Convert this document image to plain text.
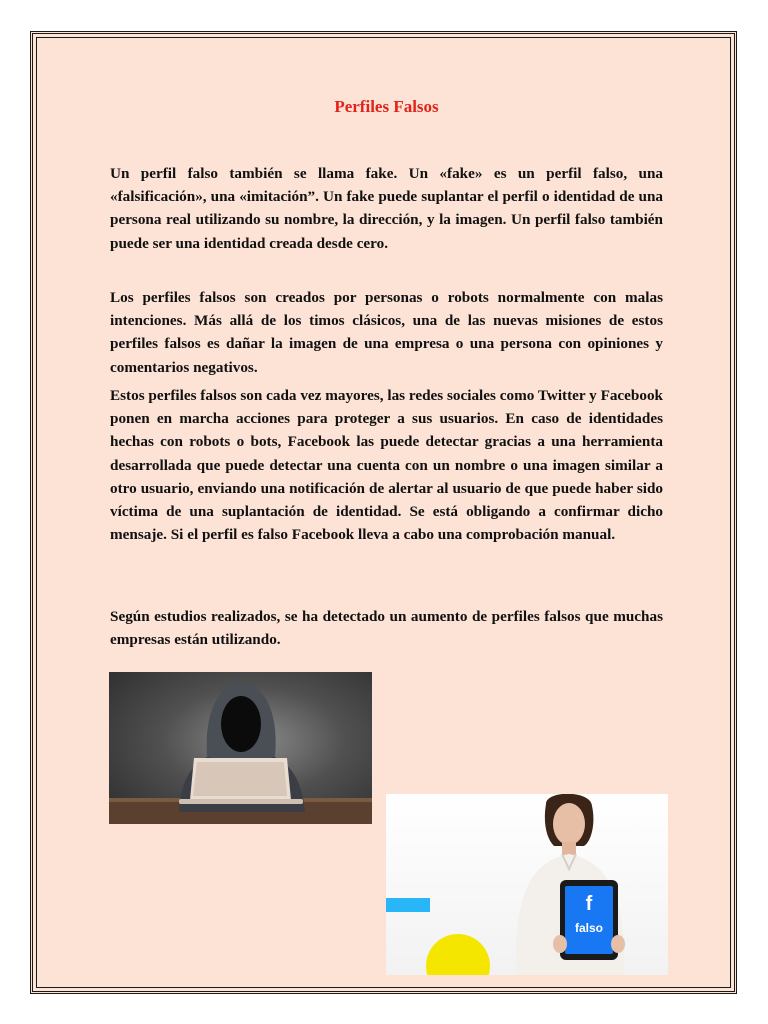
Perfiles Falsos

Un perfil falso también se llama fake. Un «fake» es un perfil falso, una «falsificación», una «imitación”. Un fake puede suplantar el perfil o identidad de una persona real utilizando su nombre, la dirección, y la imagen. Un perfil falso también puede ser una identidad creada desde cero.

Los perfiles falsos son creados por personas o robots normalmente con malas intenciones. Más allá de los timos clásicos, una de las nuevas misiones de estos perfiles falsos es dañar la imagen de una empresa o una persona con opiniones y comentarios negativos.

Estos perfiles falsos son cada vez mayores, las redes sociales como Twitter y Facebook ponen en marcha acciones para proteger a sus usuarios. En caso de identidades hechas con robots o bots, Facebook las puede detectar gracias a una herramienta desarrollada que puede detectar una cuenta con un nombre o una imagen similar a otro usuario, enviando una notificación de alertar al usuario de que puede haber sido víctima de una suplantación de identidad. Se está obligando a confirmar dicho mensaje. Si el perfil es falso Facebook lleva a cabo una comprobación manual.

Según estudios realizados, se ha detectado un aumento de perfiles falsos que muchas empresas están utilizando.

f
falso
